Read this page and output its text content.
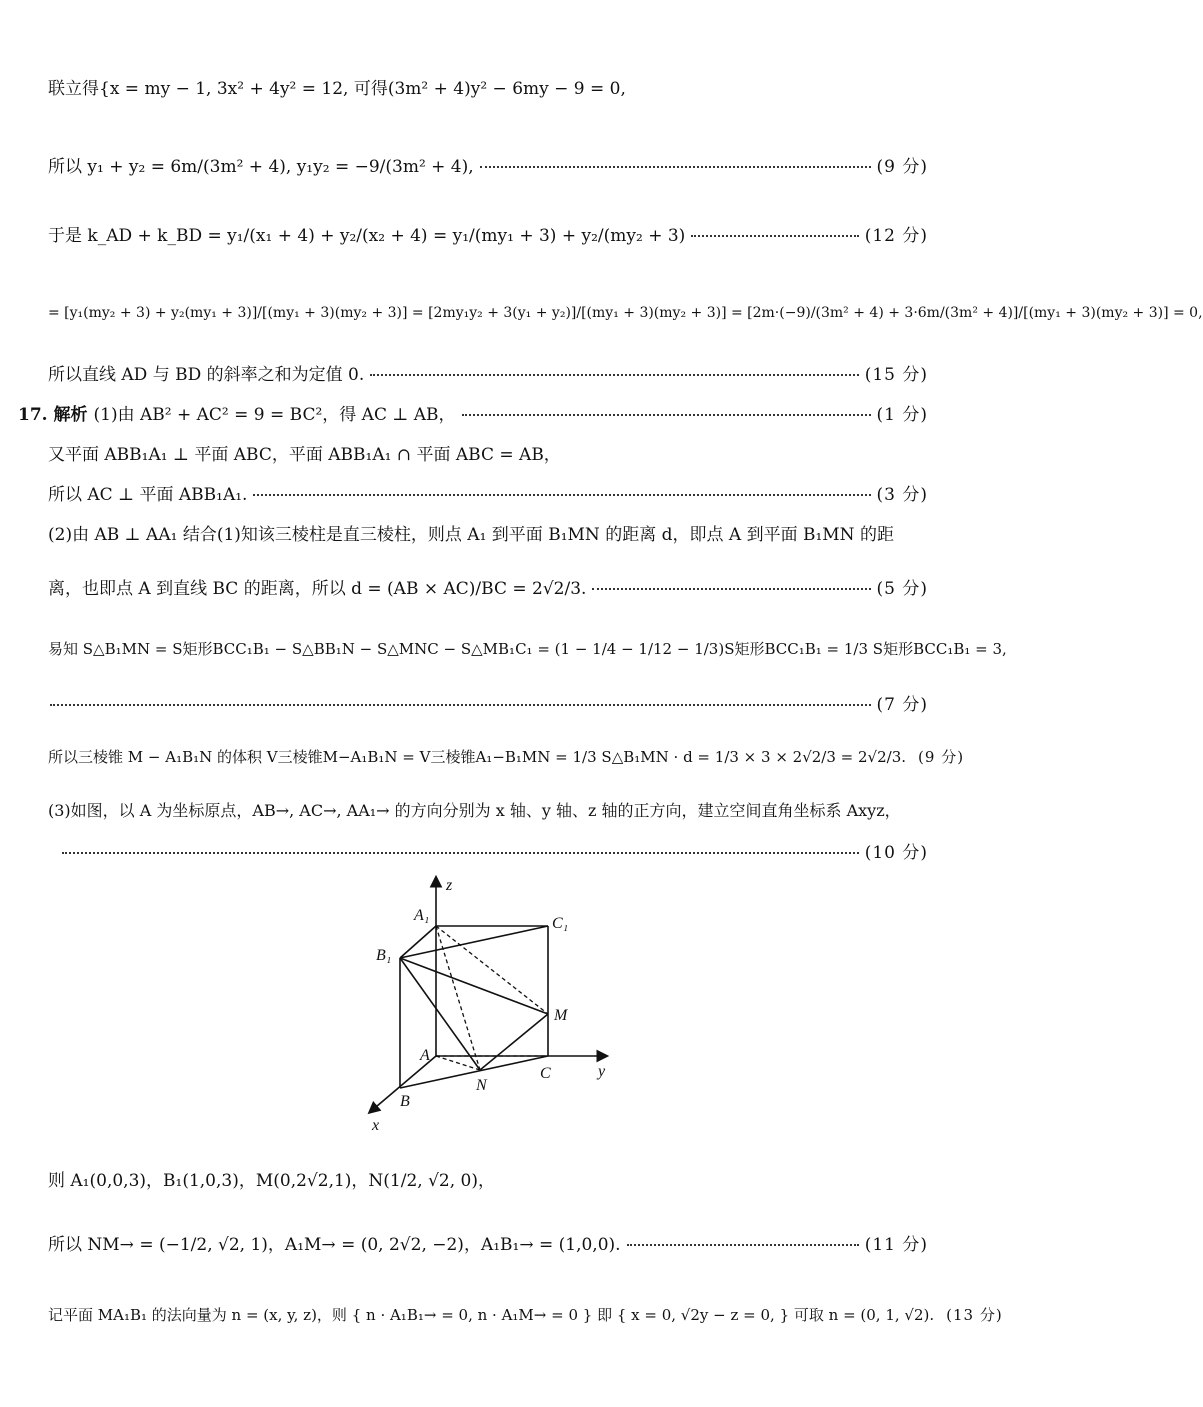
联立得{x = my − 1, 3x² + 4y² = 12, 可得(3m² + 4)y² − 6my − 9 = 0,
所以 y₁ + y₂ = 6m/(3m² + 4), y₁y₂ = −9/(3m² + 4),	(9 分)
于是 k_AD + k_BD = y₁/(x₁ + 4) + y₂/(x₂ + 4) = y₁/(my₁ + 3) + y₂/(my₂ + 3)	(12 分)
= [y₁(my₂ + 3) + y₂(my₁ + 3)]/[(my₁ + 3)(my₂ + 3)] = [2my₁y₂ + 3(y₁ + y₂)]/[(my₁ + 3)(my₂ + 3)] = [2m·(−9)/(3m² + 4) + 3·6m/(3m² + 4)]/[(my₁ + 3)(my₂ + 3)] = 0,
所以直线 AD 与 BD 的斜率之和为定值 0.	(15 分)
17. 解析 (1)由 AB² + AC² = 9 = BC²，得 AC ⊥ AB，	(1 分)
又平面 ABB₁A₁ ⊥ 平面 ABC，平面 ABB₁A₁ ∩ 平面 ABC = AB，
所以 AC ⊥ 平面 ABB₁A₁.	(3 分)
(2)由 AB ⊥ AA₁ 结合(1)知该三棱柱是直三棱柱，则点 A₁ 到平面 B₁MN 的距离 d，即点 A 到平面 B₁MN 的距
离，也即点 A 到直线 BC 的距离，所以 d = (AB × AC)/BC = 2√2/3.	(5 分)
易知 S△B₁MN = S矩形BCC₁B₁ − S△BB₁N − S△MNC − S△MB₁C₁ = (1 − 1/4 − 1/12 − 1/3)S矩形BCC₁B₁ = 1/3 S矩形BCC₁B₁ = 3,
(7 分)
所以三棱锥 M − A₁B₁N 的体积 V三棱锥M−A₁B₁N = V三棱锥A₁−B₁MN = 1/3 S△B₁MN · d = 1/3 × 3 × 2√2/3 = 2√2/3. (9 分)
(3)如图，以 A 为坐标原点，AB→, AC→, AA₁→ 的方向分别为 x 轴、y 轴、z 轴的正方向，建立空间直角坐标系 Axyz，
(10 分)
z
A₁	C₁
B₁
M
A
N
C	y
B
x
则 A₁(0,0,3)，B₁(1,0,3)，M(0,2√2,1)，N(1/2, √2, 0)，
所以 NM→ = (−1/2, √2, 1)，A₁M→ = (0, 2√2, −2)，A₁B₁→ = (1,0,0).	(11 分)
记平面 MA₁B₁ 的法向量为 n = (x, y, z)，则 { n · A₁B₁→ = 0, n · A₁M→ = 0 } 即 { x = 0, √2y − z = 0, } 可取 n = (0, 1, √2). (13 分)
